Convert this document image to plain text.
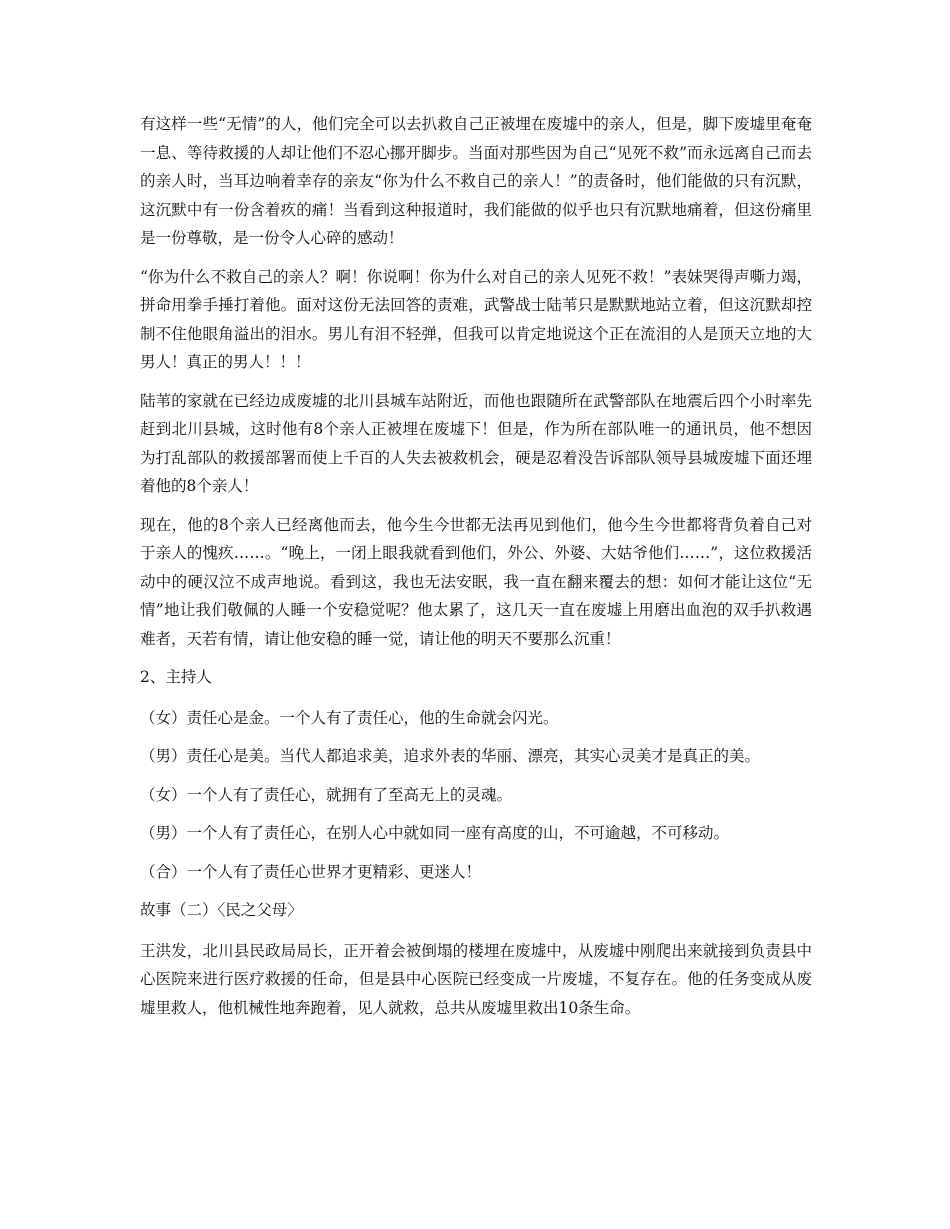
有这样一些“无情”的人，他们完全可以去扒救自己正被埋在废墟中的亲人，但是，脚下废墟里奄奄一息、等待救援的人却让他们不忍心挪开脚步。当面对那些因为自己“见死不救”而永远离自己而去的亲人时，当耳边响着幸存的亲友“你为什么不救自己的亲人！”的责备时，他们能做的只有沉默，这沉默中有一份含着疚的痛！当看到这种报道时，我们能做的似乎也只有沉默地痛着，但这份痛里是一份尊敬，是一份令人心碎的感动！

“你为什么不救自己的亲人？啊！你说啊！你为什么对自己的亲人见死不救！”表妹哭得声嘶力竭，拼命用拳手捶打着他。面对这份无法回答的责难，武警战士陆苇只是默默地站立着，但这沉默却控制不住他眼角溢出的泪水。男儿有泪不轻弹，但我可以肯定地说这个正在流泪的人是顶天立地的大男人！真正的男人！！！

陆苇的家就在已经边成废墟的北川县城车站附近，而他也跟随所在武警部队在地震后四个小时率先赶到北川县城，这时他有8个亲人正被埋在废墟下！但是，作为所在部队唯一的通讯员，他不想因为打乱部队的救援部署而使上千百的人失去被救机会，硬是忍着没告诉部队领导县城废墟下面还埋着他的8个亲人！

现在，他的8个亲人已经离他而去，他今生今世都无法再见到他们，他今生今世都将背负着自己对于亲人的愧疚……。“晚上，一闭上眼我就看到他们，外公、外婆、大姑爷他们……”，这位救援活动中的硬汉泣不成声地说。看到这，我也无法安眠，我一直在翻来覆去的想：如何才能让这位“无情”地让我们敬佩的人睡一个安稳觉呢？他太累了，这几天一直在废墟上用磨出血泡的双手扒救遇难者，天若有情，请让他安稳的睡一觉，请让他的明天不要那么沉重！

2、主持人

（女）责任心是金。一个人有了责任心，他的生命就会闪光。

（男）责任心是美。当代人都追求美，追求外表的华丽、漂亮，其实心灵美才是真正的美。

（女）一个人有了责任心，就拥有了至高无上的灵魂。

（男）一个人有了责任心，在别人心中就如同一座有高度的山，不可逾越，不可移动。

（合）一个人有了责任心世界才更精彩、更迷人！

故事（二）〈民之父母〉

王洪发，北川县民政局局长，正开着会被倒塌的楼埋在废墟中，从废墟中刚爬出来就接到负责县中心医院来进行医疗救援的任命，但是县中心医院已经变成一片废墟，不复存在。他的任务变成从废墟里救人，他机械性地奔跑着，见人就救，总共从废墟里救出10条生命。
